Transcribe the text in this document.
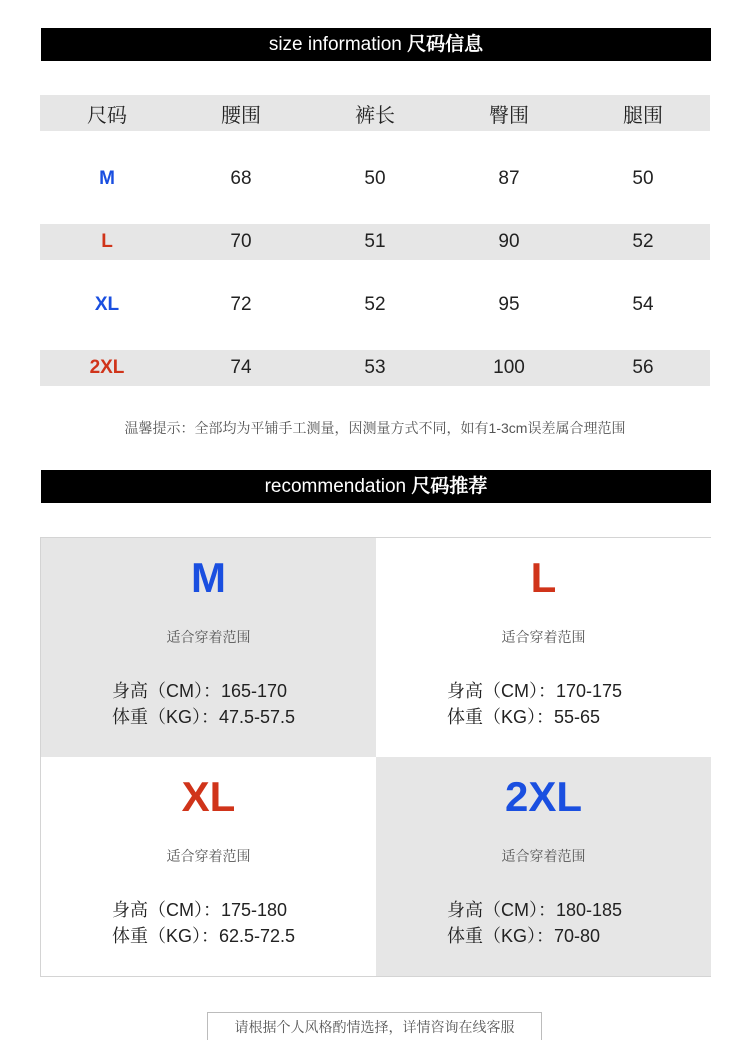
size information 尺码信息
尺码	腰围	裤长	臀围	腿围
M	68	50	87	50
L	70	51	90	52
XL	72	52	95	54
2XL	74	53	100	56
温馨提示：全部均为平铺手工测量，因测量方式不同，如有1-3cm误差属合理范围
recommendation 尺码推荐
M
适合穿着范围
身高（CM）：165-170
体重（KG）：47.5-57.5
L
适合穿着范围
身高（CM）：170-175
体重（KG）：55-65
XL
适合穿着范围
身高（CM）：175-180
体重（KG）：62.5-72.5
2XL
适合穿着范围
身高（CM）：180-185
体重（KG）：70-80
请根据个人风格酌情选择，详情咨询在线客服
